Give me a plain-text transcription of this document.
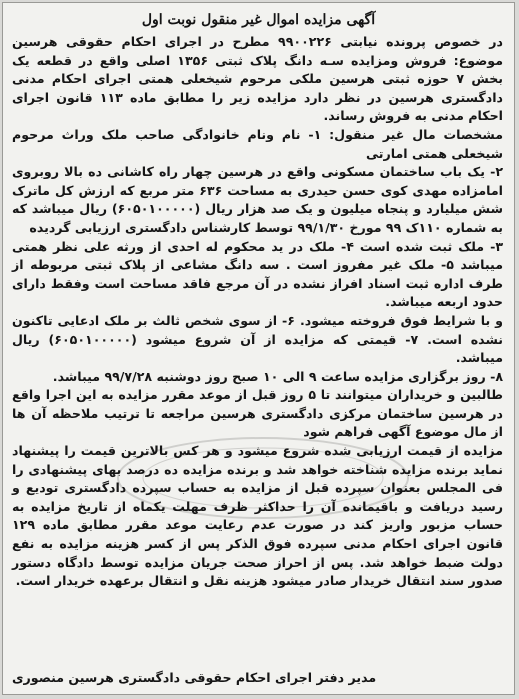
آگهی مزایده اموال غیر منقول نوبت اول

در خصوص پرونده نیابتی ۹۹۰۰۲۲۶ مطرح در اجرای احکام حقوقی هرسین موضوع: فروش ومزایده سـه دانگ پلاک ثبتی ۱۳۵۶ اصلی واقع در قطعه یک بخش ۷ حوزه ثبتی هرسین ملکی مرحوم شیخعلی همتی اجرای احکام مدنی دادگستری هرسین در نظر دارد مزایده زیر را مطابق ماده ۱۱۳ قانون اجرای احکام مدنی به فروش رساند.

مشخصات مال غیر منقول: ۱- نام ونام خانوادگی صاحب ملک وراث مرحوم شیخعلی همتی امارتی

۲- یک باب ساختمان مسکونی واقع در هرسین چهار راه کاشانی ده بالا روبروی امامزاده مهدی کوی حسن حیدری به مساحت ۶۳۶ متر مربع که ارزش کل ماترک شش میلیارد و پنجاه میلیون و یک صد هزار ریال (۶۰۵۰۱۰۰۰۰۰) ریال میباشد که به شماره ۱۱۰ک ۹۹ مورخ ۹۹/۱/۳۰ توسط کارشناس دادگستری ارزیابی گردیده

۳- ملک ثبت شده است ۴- ملک در ید محکوم له احدی از ورثه علی نظر همتی میباشد ۵- ملک غیر مفروز است . سه دانگ مشاعی از پلاک ثبتی مربوطه از طرف اداره ثبت اسناد افراز نشده در آن مرجع فاقد مساحت است وفقط دارای حدود اربعه میباشد.

و با شرایط فوق فروخته میشود. ۶- از سوی شخص ثالث بر ملک ادعایی تاکنون نشده است. ۷- قیمتی که مزایده از آن شروع میشود (۶۰۵۰۱۰۰۰۰۰) ریال میباشد.

۸- روز برگزاری مزایده ساعت ۹ الی ۱۰ صبح روز دوشنبه ۹۹/۷/۲۸ میباشد.

طالبین و خریداران میتوانند تا ۵ روز قبل از موعد مقرر مزایده به این اجرا واقع در هرسین ساختمان مرکزی دادگستری هرسین مراجعه تا ترتیب ملاحظه آن ها از مال موضوع آگهی فراهم شود

مزایده از قیمت ارزیابی شده شروع میشود و هر کس بالاترین قیمت را پیشنهاد نماید برنده مزایده شناخته خواهد شد و برنده مزایده ده درصد بهای پیشنهادی را فی المجلس بعنوان سپرده قبل از مزایده به حساب سپرده دادگستری تودیع و رسید دریافت و باقیمانده آن را حداکثر ظرف مهلت یکماه از تاریخ مزایده به حساب مزبور واریز کند در صورت عدم رعایت موعد مقرر مطابق ماده ۱۲۹ قانون اجرای احکام مدنی سپرده فوق الذکر پس از کسر هزینه مزایده به نفع دولت ضبط خواهد شد. پس از احراز صحت جریان مزایده توسط دادگاه دستور صدور سند انتقال خریدار صادر میشود هزینه نقل و انتقال برعهده خریدار است.

مدیر دفتر اجرای احکام حقوقی دادگستری هرسین منصوری
